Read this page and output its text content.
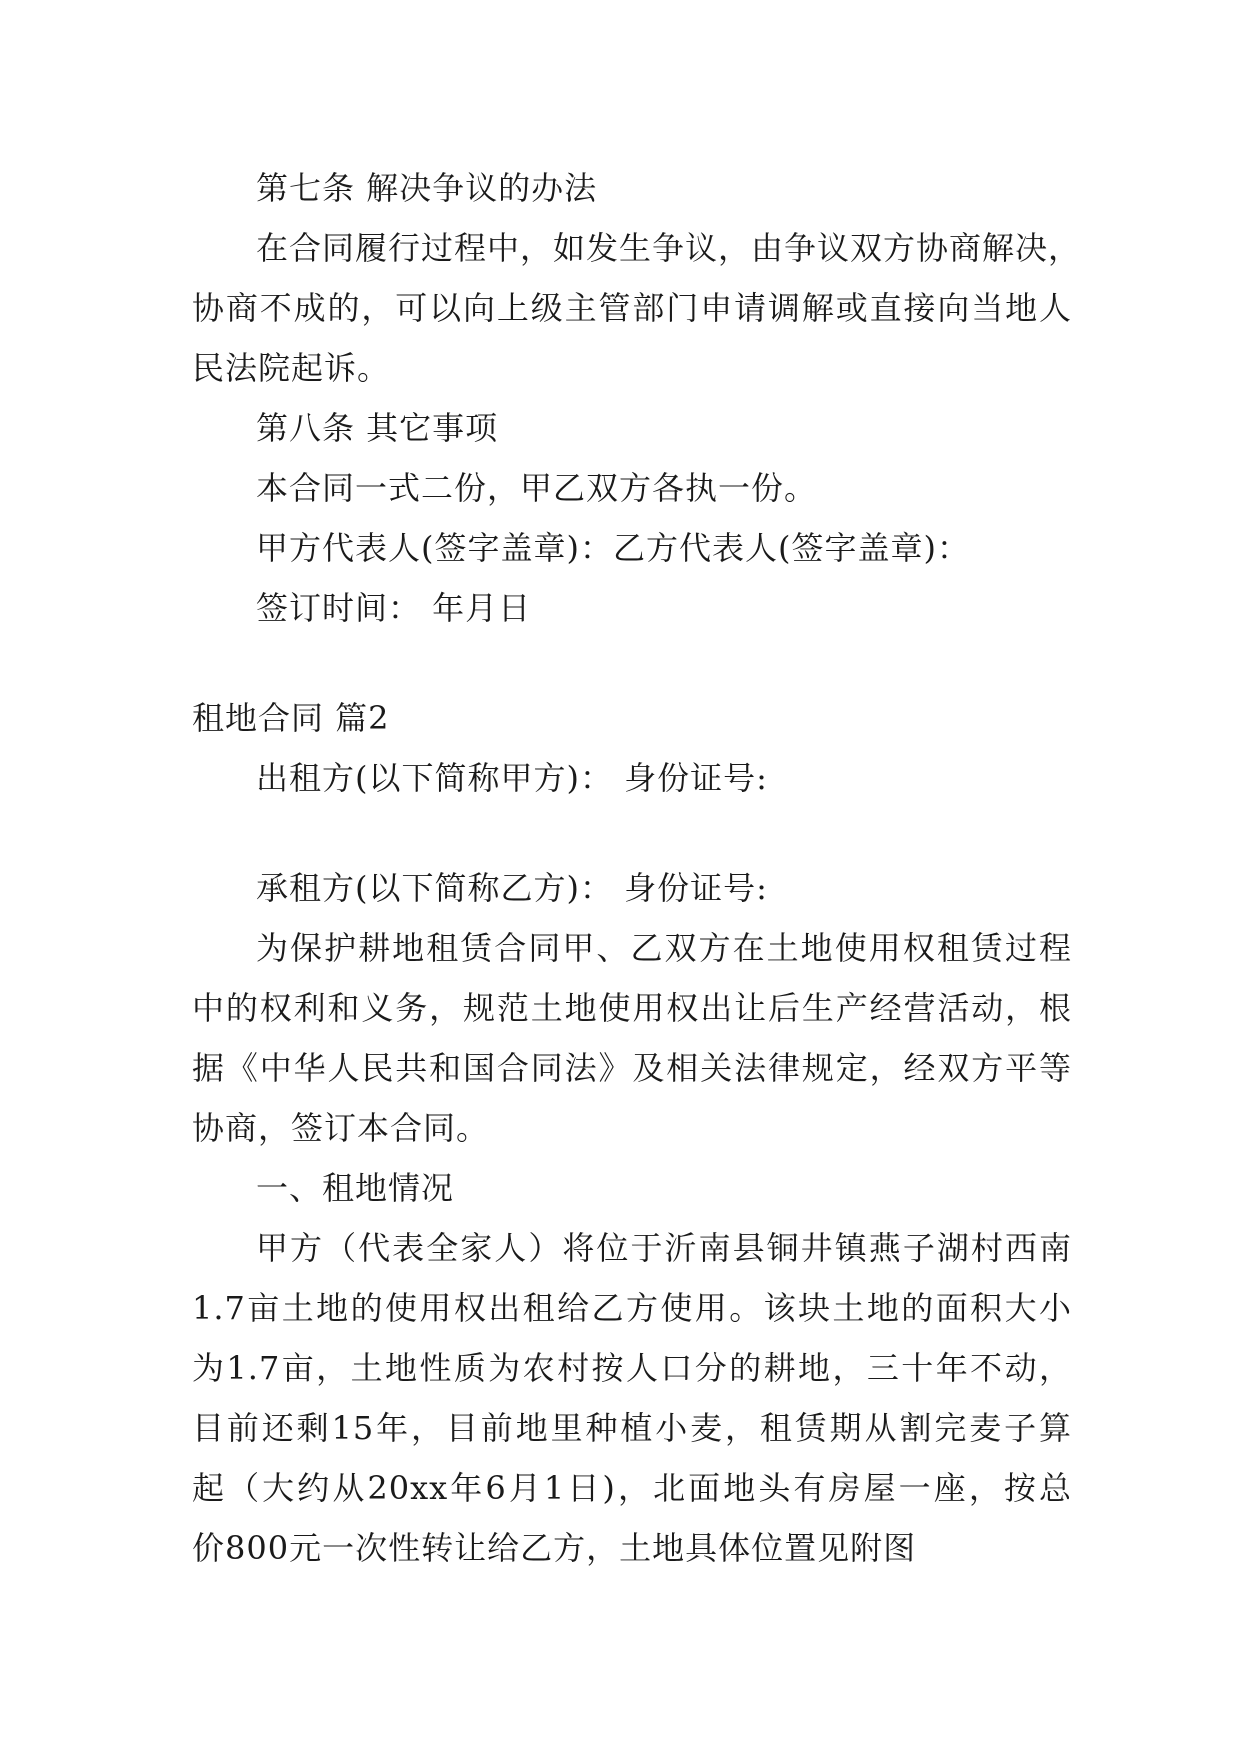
第七条 解决争议的办法
在合同履行过程中，如发生争议，由争议双方协商解决，
协商不成的，可以向上级主管部门申请调解或直接向当地人
民法院起诉。
第八条 其它事项
本合同一式二份，甲乙双方各执一份。
甲方代表人(签字盖章)：乙方代表人(签字盖章)：
签订时间： 年月日
租地合同 篇2
出租方(以下简称甲方)： 身份证号:
承租方(以下简称乙方)： 身份证号:
为保护耕地租赁合同甲、乙双方在土地使用权租赁过程
中的权利和义务，规范土地使用权出让后生产经营活动，根
据《中华人民共和国合同法》及相关法律规定，经双方平等
协商，签订本合同。
一、租地情况
甲方（代表全家人）将位于沂南县铜井镇燕子湖村西南
1.7亩土地的使用权出租给乙方使用。该块土地的面积大小
为1.7亩，土地性质为农村按人口分的耕地，三十年不动，
目前还剩15年，目前地里种植小麦，租赁期从割完麦子算
起（大约从20xx年6月1日)，北面地头有房屋一座，按总
价800元一次性转让给乙方，土地具体位置见附图
